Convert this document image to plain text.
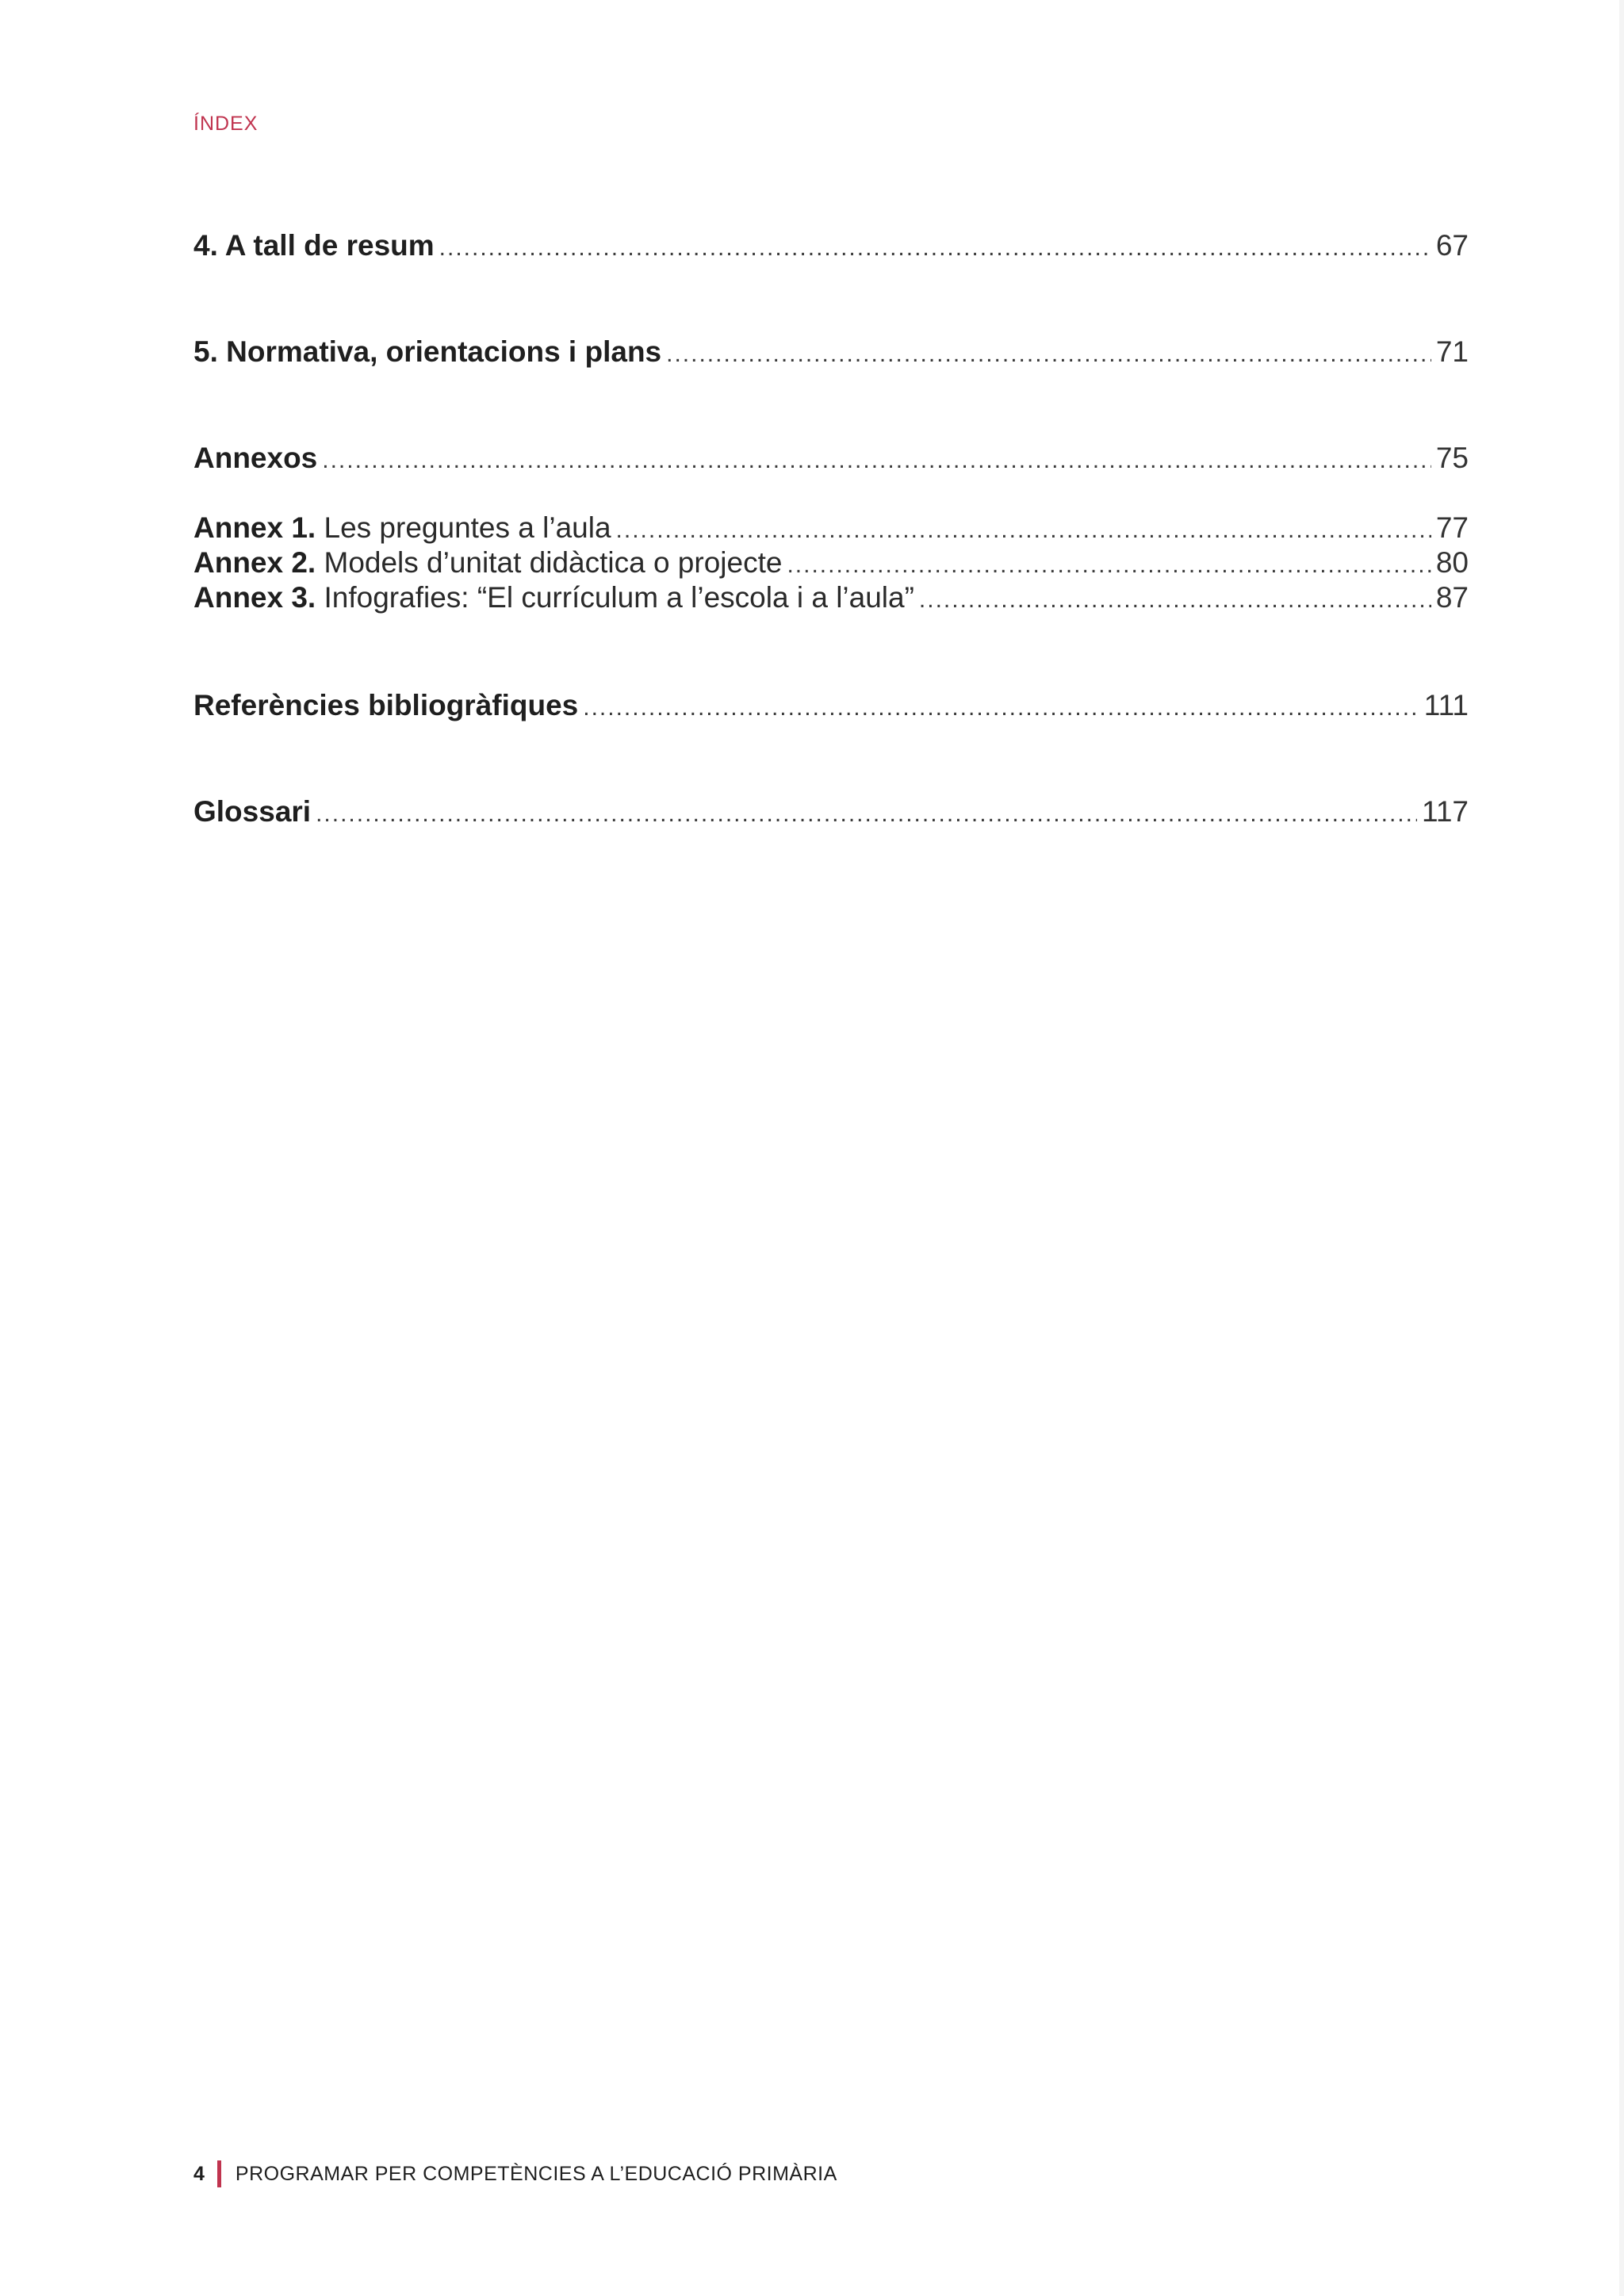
ÍNDEX
4. A tall de resum .....	67
5. Normativa, orientacions i plans .....	71
Annexos .....	75
Annex 1. Les preguntes a l’aula .....	77
Annex 2. Models d’unitat didàctica o projecte .....	80
Annex 3. Infografies: “El currículum a l’escola i a l’aula” .....	87
Referències bibliogràfiques .....	111
Glossari .....	117
4 PROGRAMAR PER COMPETÈNCIES A L’EDUCACIÓ PRIMÀRIA
